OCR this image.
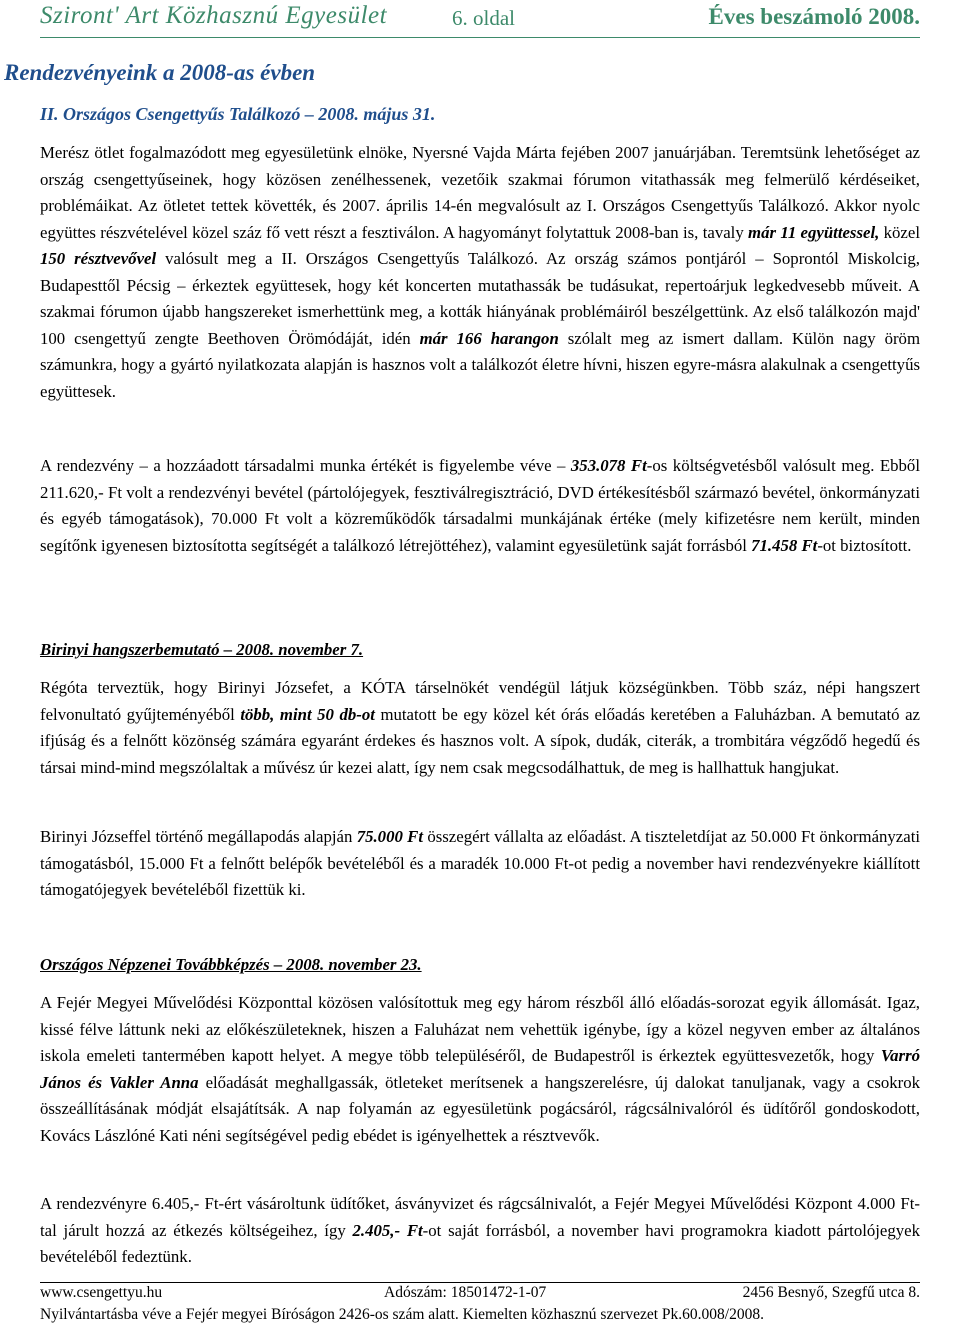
Sziront' Art Közhasznú Egyesület	6. oldal	Éves beszámoló 2008.
Rendezvényeink a 2008-as évben
II. Országos Csengettyűs Találkozó – 2008. május 31.
Merész ötlet fogalmazódott meg egyesületünk elnöke, Nyersné Vajda Márta fejében 2007 januárjában. Teremtsünk lehetőséget az ország csengettyűseinek, hogy közösen zenélhessenek, vezetőik szakmai fórumon vitathassák meg felmerülő kérdéseiket, problémáikat. Az ötletet tettek követték, és 2007. április 14-én megvalósult az I. Országos Csengettyűs Találkozó. Akkor nyolc együttes részvételével közel száz fő vett részt a fesztiválon. A hagyományt folytattuk 2008-ban is, tavaly már 11 együttessel, közel 150 résztvevővel valósult meg a II. Országos Csengettyűs Találkozó. Az ország számos pontjáról – Soprontól Miskolcig, Budapesttől Pécsig – érkeztek együttesek, hogy két koncerten mutathassák be tudásukat, repertoárjuk legkedvesebb műveit. A szakmai fórumon újabb hangszereket ismerhettünk meg, a kották hiányának problémáiról beszélgettünk. Az első találkozón majd' 100 csengettyű zengte Beethoven Örömódáját, idén már 166 harangon szólalt meg az ismert dallam. Külön nagy öröm számunkra, hogy a gyártó nyilatkozata alapján is hasznos volt a találkozót életre hívni, hiszen egyre-másra alakulnak a csengettyűs együttesek.
A rendezvény – a hozzáadott társadalmi munka értékét is figyelembe véve – 353.078 Ft-os költségvetésből valósult meg. Ebből 211.620,- Ft volt a rendezvényi bevétel (pártolójegyek, fesztiválregisztráció, DVD értékesítésből származó bevétel, önkormányzati és egyéb támogatások), 70.000 Ft volt a közreműködők társadalmi munkájának értéke (mely kifizetésre nem került, minden segítőnk igyenesen biztosította segítségét a találkozó létrejöttéhez), valamint egyesületünk saját forrásból 71.458 Ft-ot biztosított.
Birinyi hangszerbemutató – 2008. november 7.
Régóta terveztük, hogy Birinyi Józsefet, a KÓTA társelnökét vendégül látjuk községünkben. Több száz, népi hangszert felvonultató gyűjteményéből több, mint 50 db-ot mutatott be egy közel két órás előadás keretében a Faluházban. A bemutató az ifjúság és a felnőtt közönség számára egyaránt érdekes és hasznos volt. A sípok, dudák, citerák, a trombitára végződő hegedű és társai mind-mind megszólaltak a művész úr kezei alatt, így nem csak megcsodálhattuk, de meg is hallhattuk hangjukat.
Birinyi Józseffel történő megállapodás alapján 75.000 Ft összegért vállalta az előadást. A tiszteletdíjat az 50.000 Ft önkormányzati támogatásból, 15.000 Ft a felnőtt belépők bevételéből és a maradék 10.000 Ft-ot pedig a november havi rendezvényekre kiállított támogatójegyek bevételéből fizettük ki.
Országos Népzenei Továbbképzés – 2008. november 23.
A Fejér Megyei Művelődési Központtal közösen valósítottuk meg egy három részből álló előadás-sorozat egyik állomását. Igaz, kissé félve láttunk neki az előkészületeknek, hiszen a Faluházat nem vehettük igénybe, így a közel negyven ember az általános iskola emeleti tantermében kapott helyet. A megye több településéről, de Budapestről is érkeztek együttesvezetők, hogy Varró János és Vakler Anna előadását meghallgassák, ötleteket merítsenek a hangszerelésre, új dalokat tanuljanak, vagy a csokrok összeállításának módját elsajátítsák. A nap folyamán az egyesületünk pogácsáról, rágcsálnivalóról és üdítőről gondoskodott, Kovács Lászlóné Kati néni segítségével pedig ebédet is igényelhettek a résztvevők.
A rendezvényre 6.405,- Ft-ért vásároltunk üdítőket, ásványvizet és rágcsálnivalót, a Fejér Megyei Művelődési Központ 4.000 Ft-tal járult hozzá az étkezés költségeihez, így 2.405,- Ft-ot saját forrásból, a november havi programokra kiadott pártolójegyek bevételéből fedeztünk.
www.csengettyu.hu	Adószám: 18501472-1-07	2456 Besnyő, Szegfű utca 8.
Nyilvántartásba véve a Fejér megyei Bíróságon 2426-os szám alatt. Kiemelten közhasznú szervezet Pk.60.008/2008.
